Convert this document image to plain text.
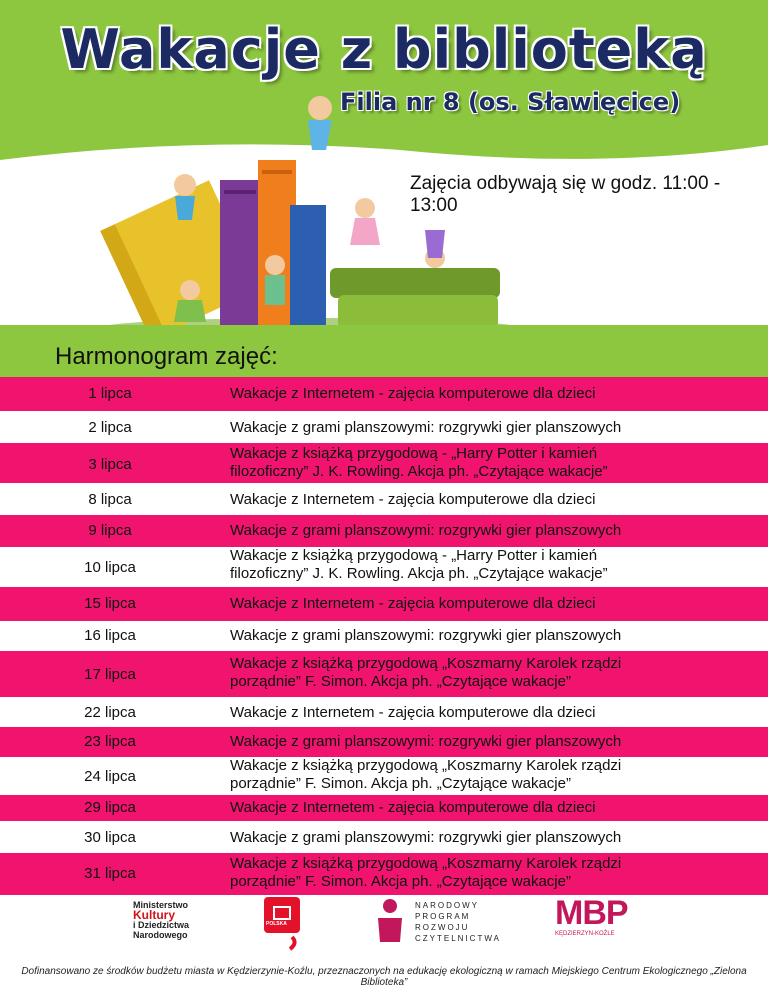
Wakacje z biblioteką
Filia nr 8 (os. Sławięcice)
Zajęcia odbywają się w godz. 11:00 - 13:00
Harmonogram zajęć:
1 lipca	Wakacje z Internetem - zajęcia komputerowe dla dzieci
2 lipca	Wakacje z grami planszowymi: rozgrywki gier planszowych
3 lipca
Wakacje z książką przygodową - „Harry Potter i kamień
filozoficzny” J. K. Rowling. Akcja ph. „Czytające wakacje”
8 lipca	Wakacje z Internetem - zajęcia komputerowe dla dzieci
9 lipca	Wakacje z grami planszowymi: rozgrywki gier planszowych
10 lipca
Wakacje z książką przygodową - „Harry Potter i kamień
filozoficzny” J. K. Rowling. Akcja ph. „Czytające wakacje”
15 lipca	Wakacje z Internetem - zajęcia komputerowe dla dzieci
16 lipca	Wakacje z grami planszowymi: rozgrywki gier planszowych
17 lipca
Wakacje z książką przygodową „Koszmarny Karolek rządzi
porządnie” F. Simon. Akcja ph. „Czytające wakacje”
22 lipca	Wakacje z Internetem - zajęcia komputerowe dla dzieci
23 lipca	Wakacje z grami planszowymi: rozgrywki gier planszowych
24 lipca
Wakacje z książką przygodową „Koszmarny Karolek rządzi
porządnie” F. Simon. Akcja ph. „Czytające wakacje”
29 lipca	Wakacje z Internetem - zajęcia komputerowe dla dzieci
30 lipca	Wakacje z grami planszowymi: rozgrywki gier planszowych
31 lipca
Wakacje z książką przygodową „Koszmarny Karolek rządzi
porządnie” F. Simon. Akcja ph. „Czytające wakacje”
Ministerstwo
Kultury
i Dziedzictwa
Narodowego
POLSKA
NARODOWY
PROGRAM
ROZWOJU
CZYTELNICTWA
MBP
KĘDZIERZYN-KOŹLE
Dofinansowano ze środków budżetu miasta w Kędzierzynie-Koźlu, przeznaczonych na edukację ekologiczną w ramach Miejskiego Centrum Ekologicznego „Zielona Biblioteka”
